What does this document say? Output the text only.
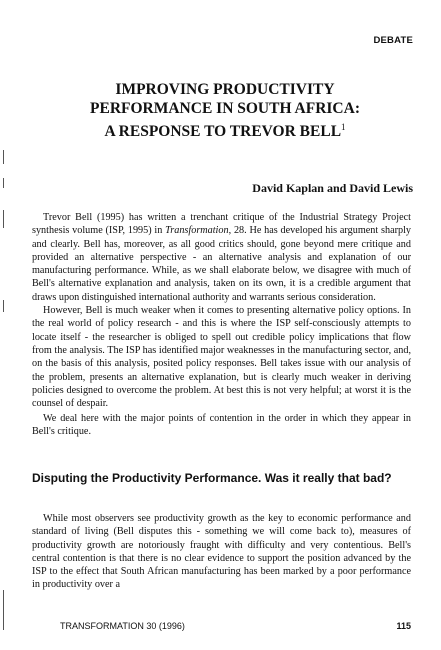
DEBATE
IMPROVING PRODUCTIVITY
PERFORMANCE IN SOUTH AFRICA:
A RESPONSE TO TREVOR BELL$^1$
David Kaplan and David Lewis

Trevor Bell (1995) has written a trenchant critique of the Industrial Strategy Project synthesis volume (ISP, 1995) in Transformation, 28. He has developed his argument sharply and clearly. Bell has, moreover, as all good critics should, gone beyond mere critique and provided an alternative perspective - an alternative analysis and explanation of our manufacturing performance. While, as we shall elaborate below, we disagree with much of Bell's alternative explanation and analysis, taken on its own, it is a credible argument that draws upon distinguished international authority and warrants serious consideration.

However, Bell is much weaker when it comes to presenting alternative policy options. In the real world of policy research - and this is where the ISP self-consciously attempts to locate itself - the researcher is obliged to spell out credible policy implications that flow from the analysis. The ISP has identified major weaknesses in the manufacturing sector, and, on the basis of this analysis, posited policy responses. Bell takes issue with our analysis of the problem, presents an alternative explanation, but is clearly much weaker in deriving policies designed to overcome the problem. At best this is not very helpful; at worst it is the counsel of despair.

We deal here with the major points of contention in the order in which they appear in Bell's critique.

Disputing the Productivity Performance. Was it really that bad?

While most observers see productivity growth as the key to economic performance and standard of living (Bell disputes this - something we will come back to), measures of productivity growth are notoriously fraught with difficulty and very contentious. Bell's central contention is that there is no clear evidence to support the position advanced by the ISP to the effect that South African manufacturing has been marked by a poor performance in productivity over a

TRANSFORMATION 30 (1996)	115
